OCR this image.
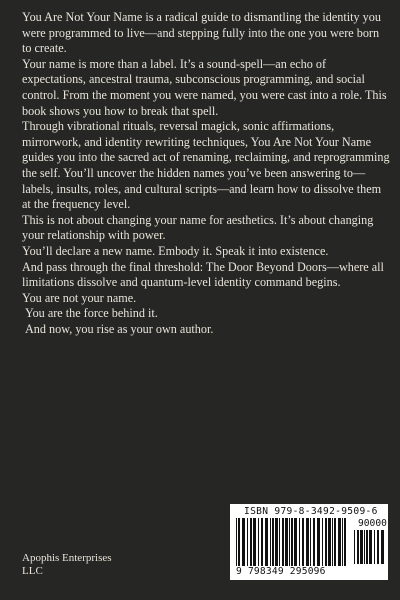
You Are Not Your Name is a radical guide to dismantling the identity you were programmed to live—and stepping fully into the one you were born to create.

Your name is more than a label. It’s a sound-spell—an echo of expectations, ancestral trauma, subconscious programming, and social control. From the moment you were named, you were cast into a role. This book shows you how to break that spell.

Through vibrational rituals, reversal magick, sonic affirmations, mirrorwork, and identity rewriting techniques, You Are Not Your Name guides you into the sacred act of renaming, reclaiming, and reprogramming the self. You’ll uncover the hidden names you’ve been answering to—labels, insults, roles, and cultural scripts—and learn how to dissolve them at the frequency level.

This is not about changing your name for aesthetics. It’s about changing your relationship with power.

You’ll declare a new name. Embody it. Speak it into existence.

And pass through the final threshold: The Door Beyond Doors—where all limitations dissolve and quantum-level identity command begins.

You are not your name.

You are the force behind it.

And now, you rise as your own author.

Apophis Enterprises
LLC
ISBN 979-8-3492-9509-6
90000
9 798349 295096
